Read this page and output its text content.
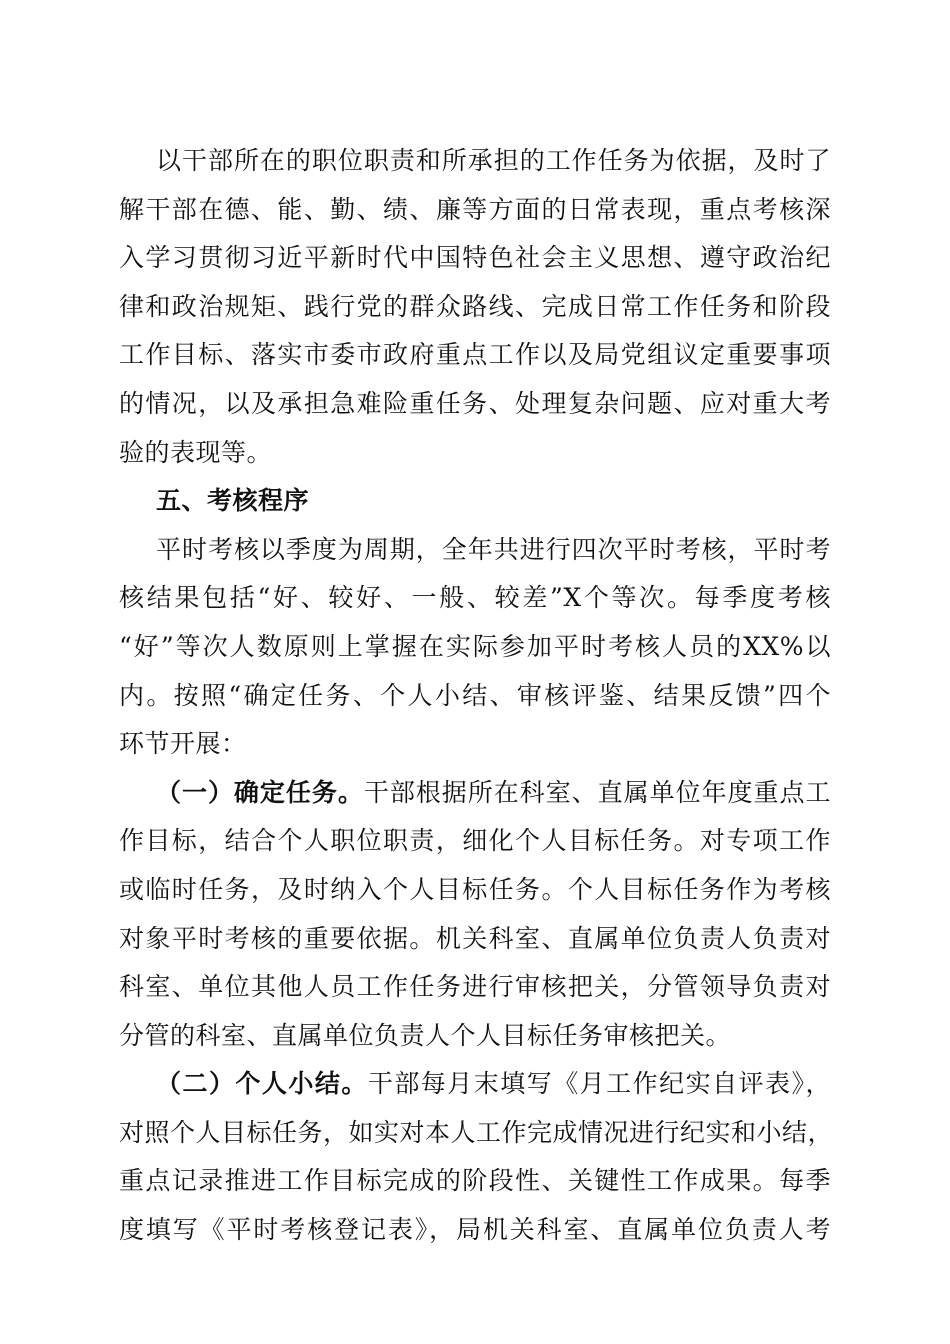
以干部所在的职位职责和所承担的工作任务为依据，及时了
解干部在德、能、勤、绩、廉等方面的日常表现，重点考核深
入学习贯彻习近平新时代中国特色社会主义思想、遵守政治纪
律和政治规矩、践行党的群众路线、完成日常工作任务和阶段
工作目标、落实市委市政府重点工作以及局党组议定重要事项
的情况，以及承担急难险重任务、处理复杂问题、应对重大考
验的表现等。
五、考核程序
平时考核以季度为周期，全年共进行四次平时考核，平时考
核结果包括“好、较好、一般、较差”X个等次。每季度考核
“好”等次人数原则上掌握在实际参加平时考核人员的XX%以
内。按照“确定任务、个人小结、审核评鉴、结果反馈”四个
环节开展：
（一）确定任务。干部根据所在科室、直属单位年度重点工
作目标，结合个人职位职责，细化个人目标任务。对专项工作
或临时任务，及时纳入个人目标任务。个人目标任务作为考核
对象平时考核的重要依据。机关科室、直属单位负责人负责对
科室、单位其他人员工作任务进行审核把关，分管领导负责对
分管的科室、直属单位负责人个人目标任务审核把关。
（二）个人小结。干部每月末填写《月工作纪实自评表》，
对照个人目标任务，如实对本人工作完成情况进行纪实和小结，
重点记录推进工作目标完成的阶段性、关键性工作成果。每季
度填写《平时考核登记表》，局机关科室、直属单位负责人考
